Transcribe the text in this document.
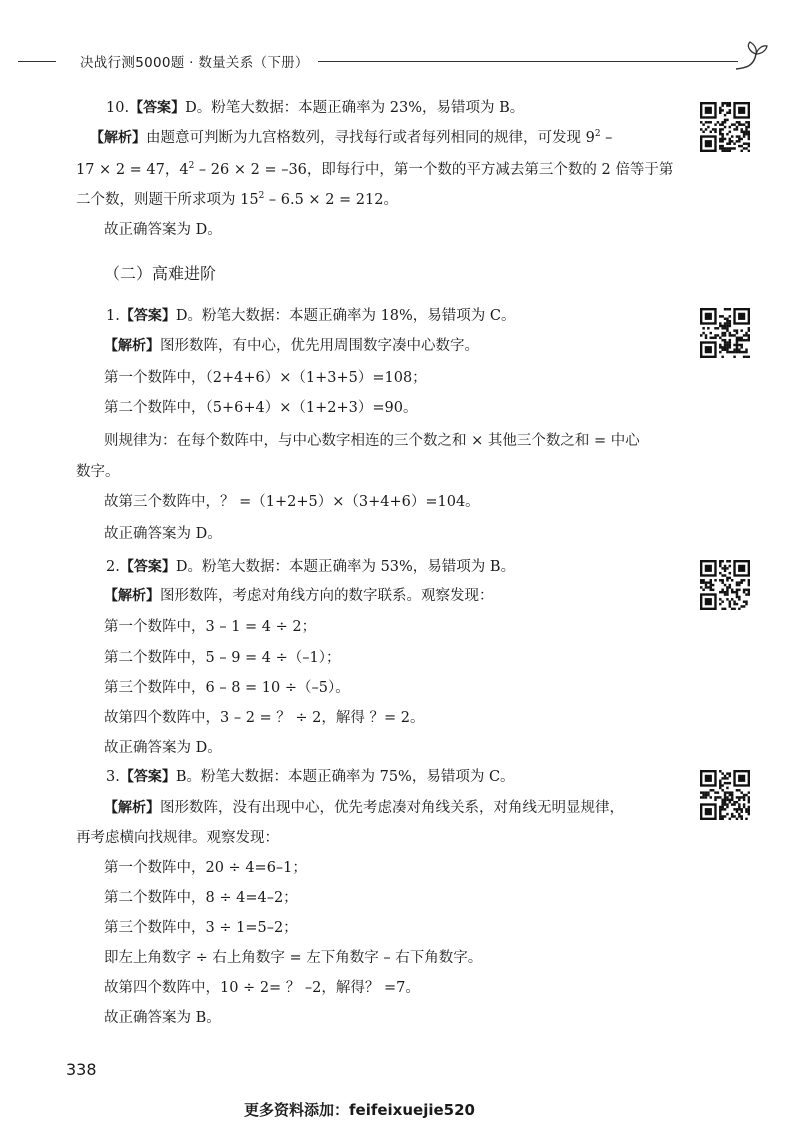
决战行测5000题 · 数量关系（下册）
10.【答案】D。粉笔大数据：本题正确率为 23%，易错项为 B。
【解析】由题意可判断为九宫格数列，寻找每行或者每列相同的规律，可发现 $9^2$ –
17 × 2 = 47，$4^2 - 26 \times 2 = -36$，即每行中，第一个数的平方减去第三个数的 2 倍等于第
二个数，则题干所求项为 $15^2 - 6.5 \times 2 = 212$。
故正确答案为 D。
（二）高难进阶
1.【答案】D。粉笔大数据：本题正确率为 18%，易错项为 C。
【解析】图形数阵，有中心，优先用周围数字凑中心数字。
第一个数阵中，（2+4+6）×（1+3+5）=108；
第二个数阵中，（5+6+4）×（1+2+3）=90。
则规律为：在每个数阵中，与中心数字相连的三个数之和 × 其他三个数之和 = 中心
数字。
故第三个数阵中，？ =（1+2+5）×（3+4+6）=104。
故正确答案为 D。
2.【答案】D。粉笔大数据：本题正确率为 53%，易错项为 B。
【解析】图形数阵，考虑对角线方向的数字联系。观察发现：
第一个数阵中，3 – 1 = 4 ÷ 2；
第二个数阵中，5 – 9 = 4 ÷（–1）；
第三个数阵中，6 – 8 = 10 ÷（–5）。
故第四个数阵中，3 – 2 = ？ ÷ 2，解得 ？= 2。
故正确答案为 D。
3.【答案】B。粉笔大数据：本题正确率为 75%，易错项为 C。
【解析】图形数阵，没有出现中心，优先考虑凑对角线关系，对角线无明显规律，
再考虑横向找规律。观察发现：
第一个数阵中，20 ÷ 4=6–1；
第二个数阵中，8 ÷ 4=4–2；
第三个数阵中，3 ÷ 1=5–2；
即左上角数字 ÷ 右上角数字 = 左下角数字 – 右下角数字。
故第四个数阵中，10 ÷ 2= ？ –2，解得？ =7。
故正确答案为 B。
338
更多资料添加：feifeixuejie520
